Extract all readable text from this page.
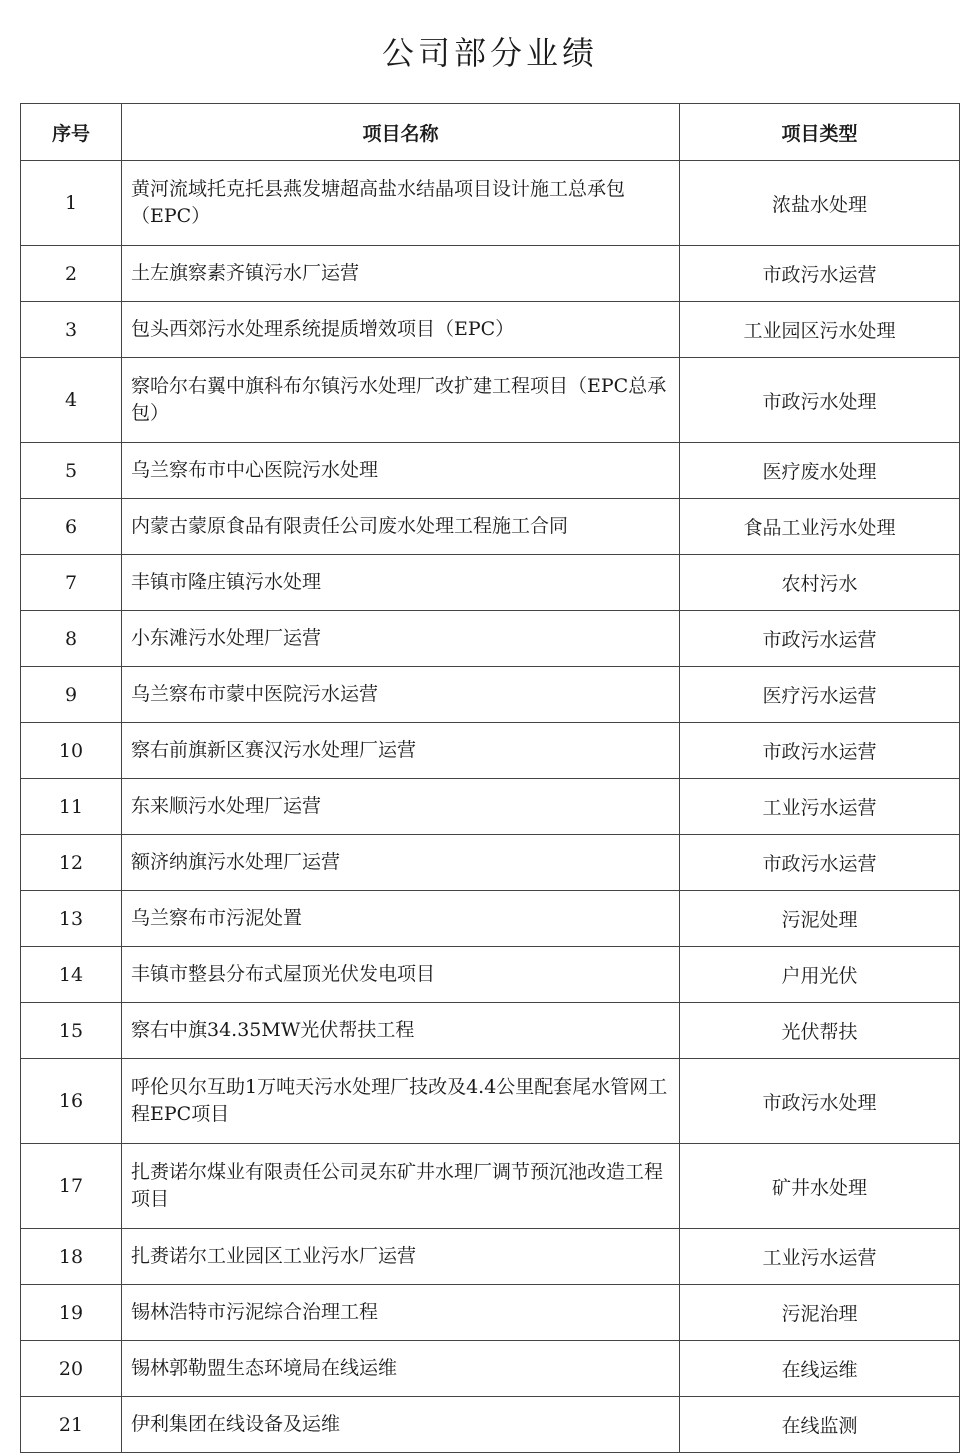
公司部分业绩
序号	项目名称	项目类型
1	黄河流域托克托县燕发塘超高盐水结晶项目设计施工总承包（EPC）	浓盐水处理
2	土左旗察素齐镇污水厂运营	市政污水运营
3	包头西郊污水处理系统提质增效项目（EPC）	工业园区污水处理
4	察哈尔右翼中旗科布尔镇污水处理厂改扩建工程项目（EPC总承包）	市政污水处理
5	乌兰察布市中心医院污水处理	医疗废水处理
6	内蒙古蒙原食品有限责任公司废水处理工程施工合同	食品工业污水处理
7	丰镇市隆庄镇污水处理	农村污水
8	小东滩污水处理厂运营	市政污水运营
9	乌兰察布市蒙中医院污水运营	医疗污水运营
10	察右前旗新区赛汉污水处理厂运营	市政污水运营
11	东来顺污水处理厂运营	工业污水运营
12	额济纳旗污水处理厂运营	市政污水运营
13	乌兰察布市污泥处置	污泥处理
14	丰镇市整县分布式屋顶光伏发电项目	户用光伏
15	察右中旗34.35MW光伏帮扶工程	光伏帮扶
16	呼伦贝尔互助1万吨天污水处理厂技改及4.4公里配套尾水管网工程EPC项目	市政污水处理
17	扎赉诺尔煤业有限责任公司灵东矿井水理厂调节预沉池改造工程项目	矿井水处理
18	扎赉诺尔工业园区工业污水厂运营	工业污水运营
19	锡林浩特市污泥综合治理工程	污泥治理
20	锡林郭勒盟生态环境局在线运维	在线运维
21	伊利集团在线设备及运维	在线监测
